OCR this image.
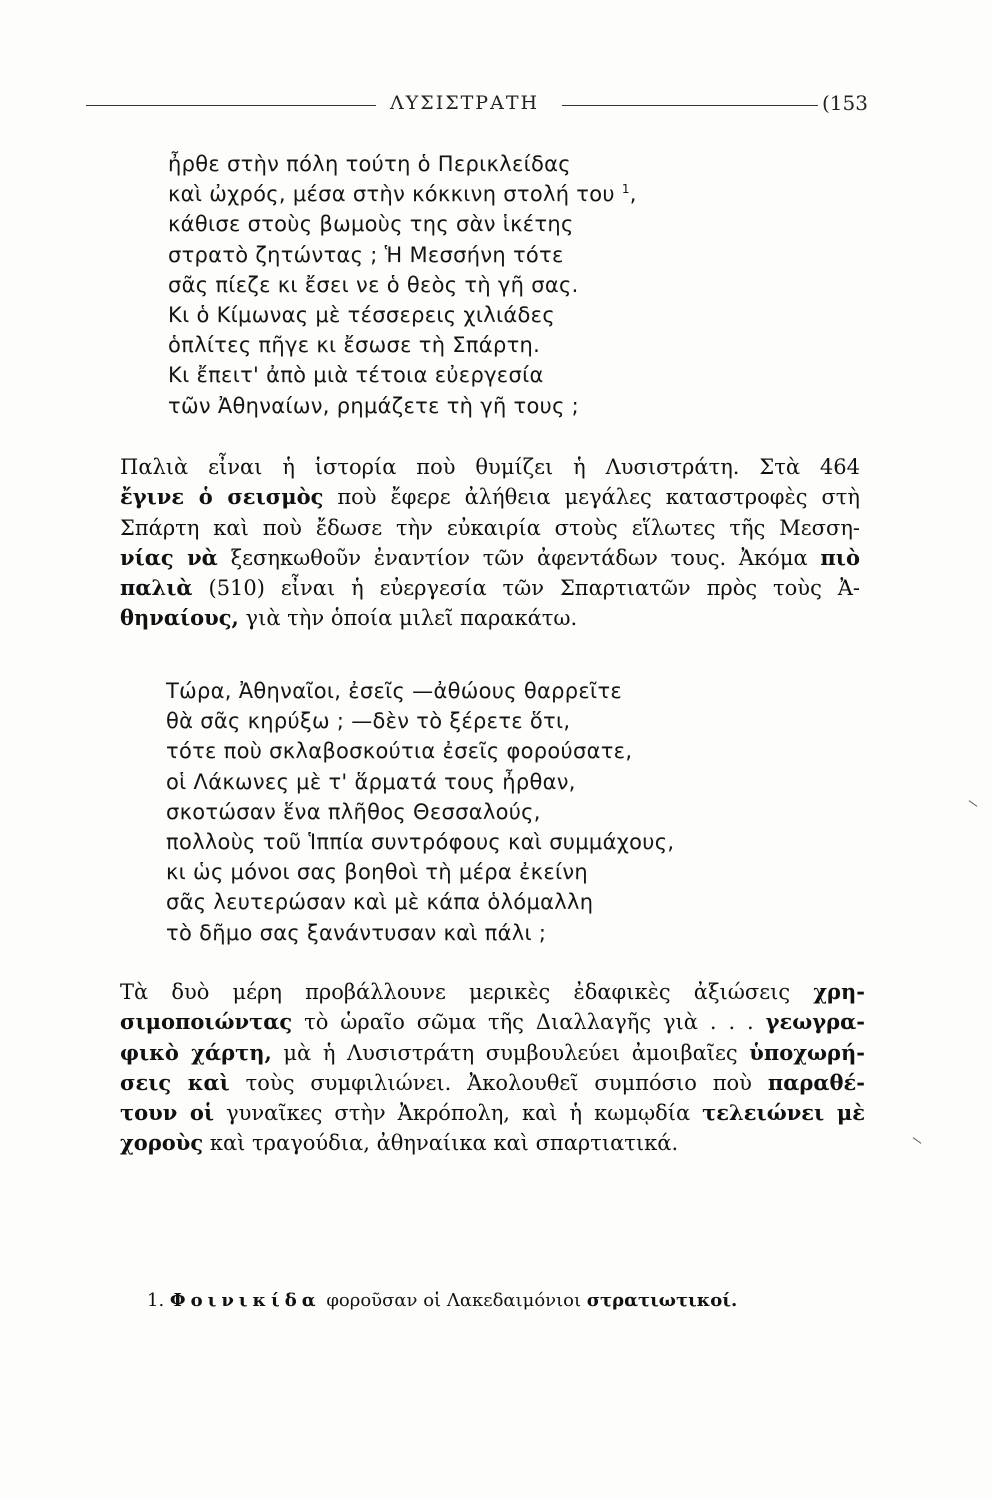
ΛΥΣΙΣΤΡΑΤΗ	(153
ἦρθε στὴν πόλη τούτη ὁ Περικλείδας
καὶ ὠχρός, μέσα στὴν κόκκινη στολή του $^1$,
κάθισε στοὺς βωμοὺς της σὰν ἱκέτης
στρατὸ ζητώντας ; Ἡ Μεσσήνη τότε
σᾶς πίεζε κι ἔσει νε ὁ θεὸς τὴ γῆ σας.
Κι ὁ Κίμωνας μὲ τέσσερεις χιλιάδες
ὁπλίτες πῆγε κι ἔσωσε τὴ Σπάρτη.
Κι ἔπειτ' ἀπὸ μιὰ τέτοια εὐεργεσία
τῶν Ἀθηναίων, ρημάζετε τὴ γῆ τους ;
Παλιὰ εἶναι ἡ ἱστορία ποὺ θυμίζει ἡ Λυσιστράτη. Στὰ 464
ἔγινε ὁ σεισμὸς ποὺ ἔφερε ἀλήθεια μεγάλες καταστροφὲς στὴ
Σπάρτη καὶ ποὺ ἔδωσε τὴν εὐκαιρία στοὺς εἵλωτες τῆς Μεσση-
νίας νὰ ξεσηκωθοῦν ἐναντίον τῶν ἀφεντάδων τους. Ἀκόμα πιὸ
παλιὰ (510) εἶναι ἡ εὐεργεσία τῶν Σπαρτιατῶν πρὸς τοὺς Ἀ-
θηναίους, γιὰ τὴν ὁποία μιλεῖ παρακάτω.
Τώρα, Ἀθηναῖοι, ἐσεῖς —ἀθώους θαρρεῖτε
θὰ σᾶς κηρύξω ; —δὲν τὸ ξέρετε ὅτι,
τότε ποὺ σκλαβοσκούτια ἐσεῖς φορούσατε,
οἱ Λάκωνες μὲ τ' ἅρματά τους ἦρθαν,
σκοτώσαν ἕνα πλῆθος Θεσσαλούς,
πολλοὺς τοῦ Ἱππία συντρόφους καὶ συμμάχους,
κι ὡς μόνοι σας βοηθοὶ τὴ μέρα ἐκείνη
σᾶς λευτερώσαν καὶ μὲ κάπα ὁλόμαλλη
τὸ δῆμο σας ξανάντυσαν καὶ πάλι ;
Τὰ δυὸ μέρη προβάλλουνε μερικὲς ἐδαφικὲς ἀξιώσεις χρη-
σιμοποιώντας τὸ ὡραῖο σῶμα τῆς Διαλλαγῆς γιὰ . . . γεωγρα-
φικὸ χάρτη, μὰ ἡ Λυσιστράτη συμβουλεύει ἀμοιβαῖες ὑποχωρή-
σεις καὶ τοὺς συμφιλιώνει. Ἀκολουθεῖ συμπόσιο ποὺ παραθέ-
τουν οἱ γυναῖκες στὴν Ἀκρόπολη, καὶ ἡ κωμῳδία τελειώνει μὲ
χοροὺς καὶ τραγούδια, ἀθηναίικα καὶ σπαρτιατικά.
1. Φοινικίδα φοροῦσαν οἱ Λακεδαιμόνιοι στρατιωτικοί.
